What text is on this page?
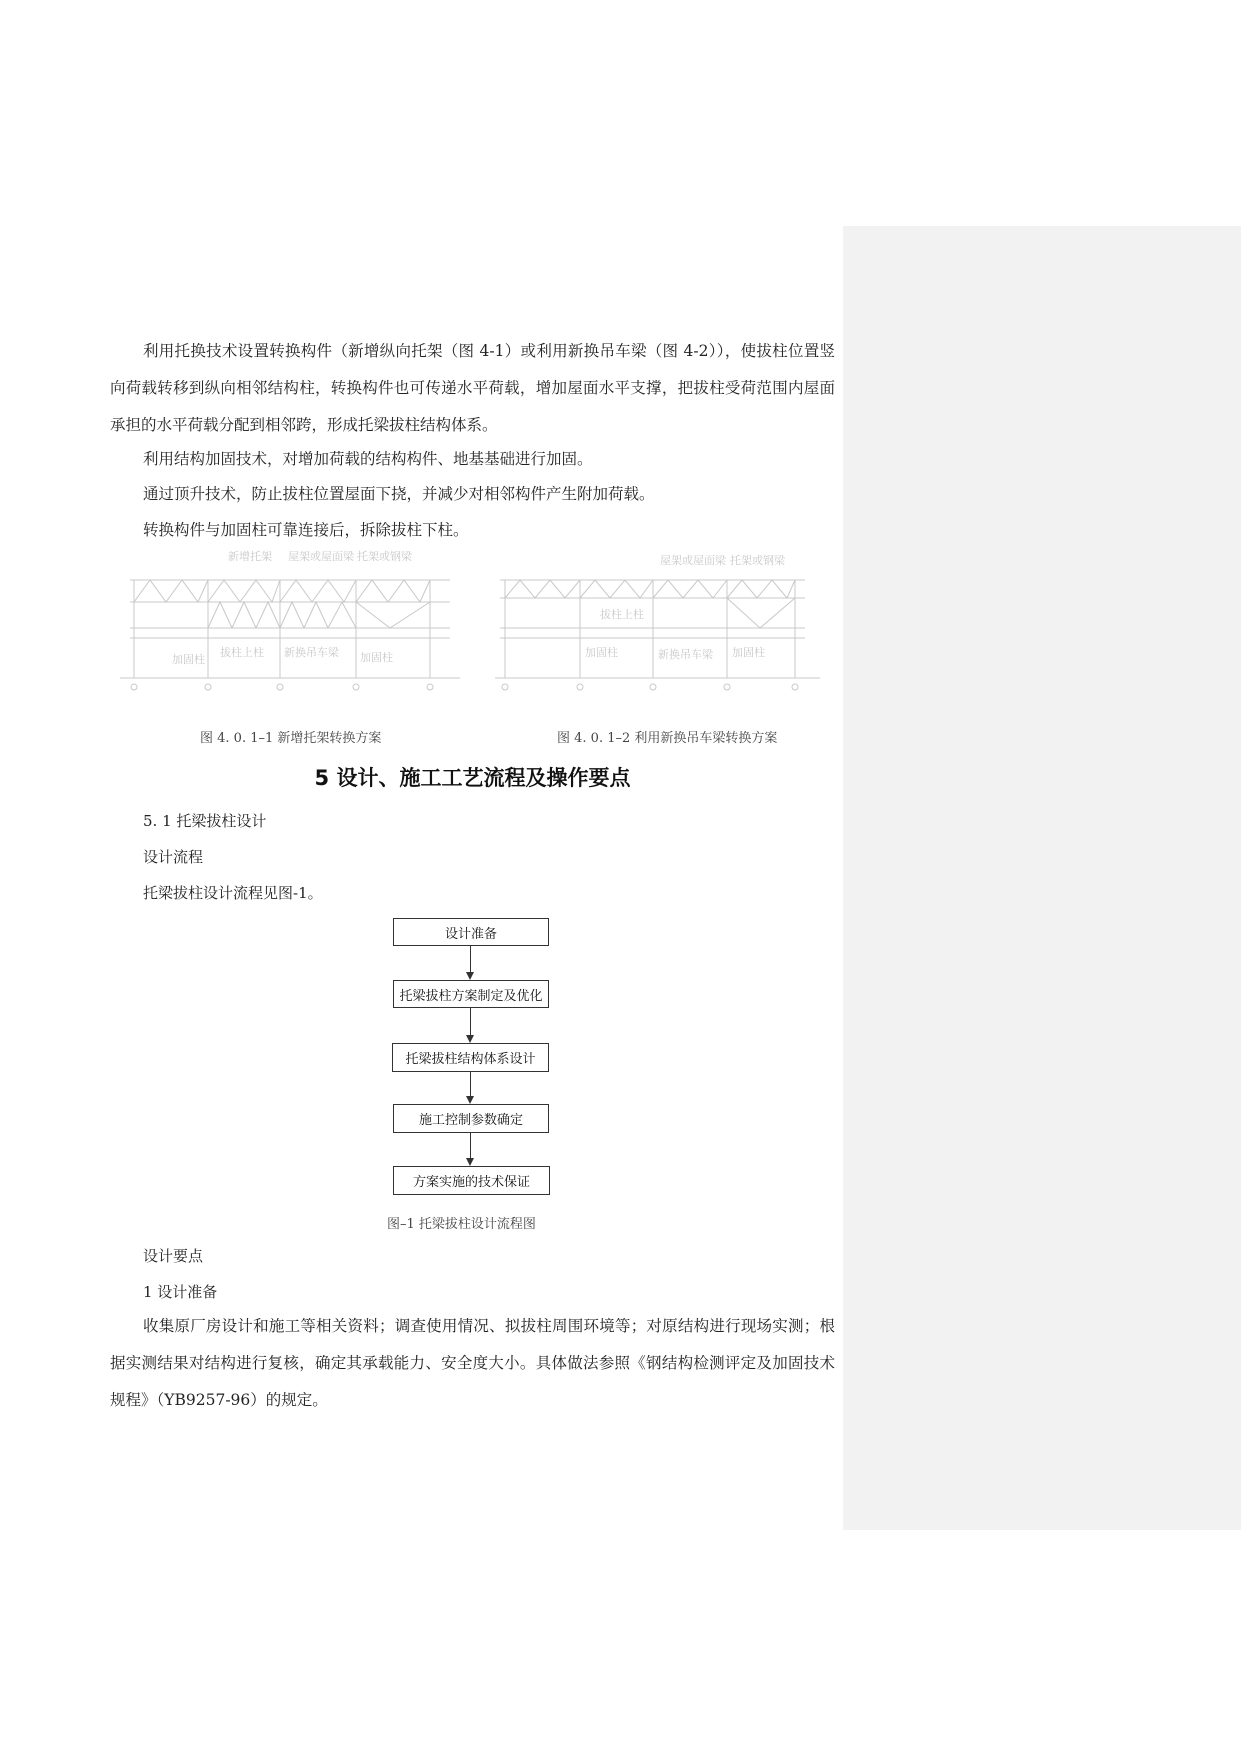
利用托换技术设置转换构件（新增纵向托架（图 4-1）或利用新换吊车梁（图 4-2）），使拔柱位置竖向荷载转移到纵向相邻结构柱，转换构件也可传递水平荷载，增加屋面水平支撑，把拔柱受荷范围内屋面承担的水平荷载分配到相邻跨，形成托梁拔柱结构体系。
利用结构加固技术，对增加荷载的结构构件、地基基础进行加固。
通过顶升技术，防止拔柱位置屋面下挠，并减少对相邻构件产生附加荷载。
转换构件与加固柱可靠连接后，拆除拔柱下柱。
新增托架 屋架或屋面梁 托架或钢梁
加固柱
拔柱上柱 新换吊车梁 加固柱
图 4. 0. 1–1 新增托架转换方案
屋架或屋面梁 托架或钢梁
拔柱上柱
加固柱	新换吊车梁 加固柱
图 4. 0. 1–2 利用新换吊车梁转换方案
5 设计、施工工艺流程及操作要点
5. 1 托梁拔柱设计
设计流程
托梁拔柱设计流程见图-1。
设计准备
托梁拔柱方案制定及优化
托梁拔柱结构体系设计
施工控制参数确定
方案实施的技术保证
图–1 托梁拔柱设计流程图
设计要点
1 设计准备
收集原厂房设计和施工等相关资料；调查使用情况、拟拔柱周围环境等；对原结构进行现场实测；根据实测结果对结构进行复核，确定其承载能力、安全度大小。具体做法参照《钢结构检测评定及加固技术规程》（YB9257-96）的规定。
